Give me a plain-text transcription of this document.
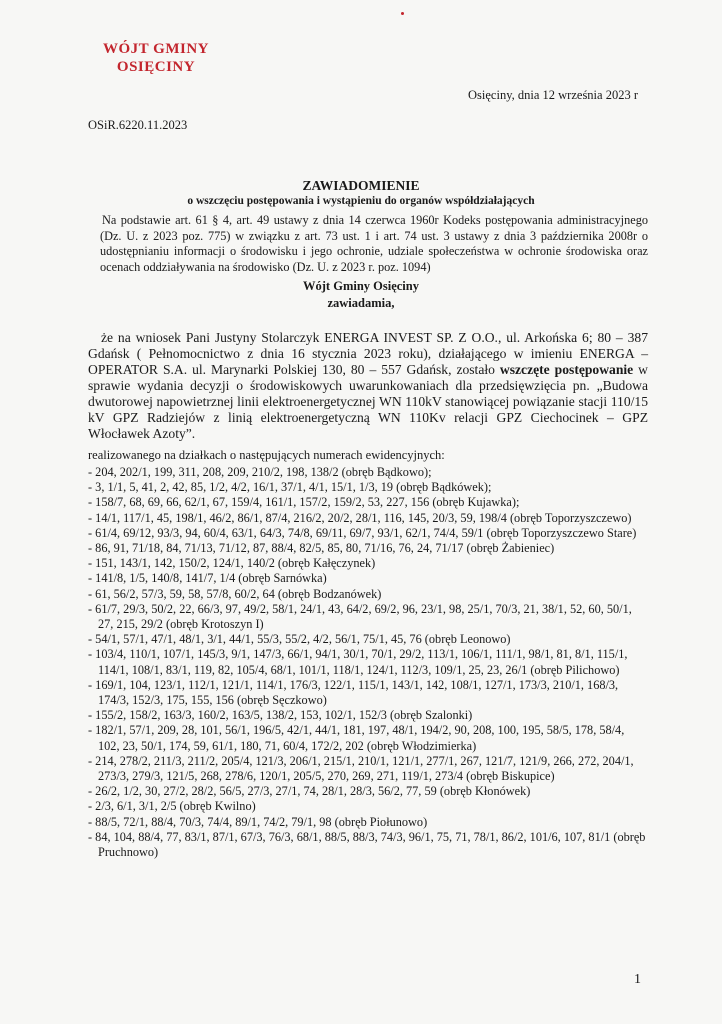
WÓJT GMINY
OSIĘCINY
Osięciny, dnia 12 września 2023 r
OSiR.6220.11.2023
ZAWIADOMIENIE
o wszczęciu postępowania i wystąpieniu do organów współdziałających
Na podstawie art. 61 § 4, art. 49 ustawy z dnia 14 czerwca 1960r Kodeks postępowania administracyjnego (Dz. U. z 2023 poz. 775) w związku z art. 73 ust. 1 i art. 74 ust. 3 ustawy z dnia 3 października 2008r o udostępnianiu informacji o środowisku i jego ochronie, udziale społeczeństwa w ochronie środowiska oraz ocenach oddziaływania na środowisko (Dz. U. z 2023 r. poz. 1094)
Wójt Gminy Osięciny
zawiadamia,
że na wniosek Pani Justyny Stolarczyk ENERGA INVEST SP. Z O.O., ul. Arkońska 6; 80 – 387 Gdańsk ( Pełnomocnictwo z dnia 16 stycznia 2023 roku), działającego w imieniu ENERGA – OPERATOR S.A. ul. Marynarki Polskiej 130, 80 – 557 Gdańsk, zostało wszczęte postępowanie w sprawie wydania decyzji o środowiskowych uwarunkowaniach dla przedsięwzięcia pn. „Budowa dwutorowej napowietrznej linii elektroenergetycznej WN 110kV stanowiącej powiązanie stacji 110/15 kV GPZ Radziejów z linią elektroenergetyczną WN 110Kv relacji GPZ Ciechocinek – GPZ Włocławek Azoty”.
realizowanego na działkach o następujących numerach ewidencyjnych:
- 204, 202/1, 199, 311, 208, 209, 210/2, 198, 138/2 (obręb Bądkowo);
- 3, 1/1, 5, 41, 2, 42, 85, 1/2, 4/2, 16/1, 37/1, 4/1, 15/1, 1/3, 19 (obręb Bądkówek);
- 158/7, 68, 69, 66, 62/1, 67, 159/4, 161/1, 157/2, 159/2, 53, 227, 156 (obręb Kujawka);
- 14/1, 117/1, 45, 198/1, 46/2, 86/1, 87/4, 216/2, 20/2, 28/1, 116, 145, 20/3, 59, 198/4 (obręb Toporzyszczewo)
- 61/4, 69/12, 93/3, 94, 60/4, 63/1, 64/3, 74/8, 69/11, 69/7, 93/1, 62/1, 74/4, 59/1 (obręb Toporzyszczewo Stare)
- 86, 91, 71/18, 84, 71/13, 71/12, 87, 88/4, 82/5, 85, 80, 71/16, 76, 24, 71/17 (obręb Żabieniec)
- 151, 143/1, 142, 150/2, 124/1, 140/2 (obręb Kałęczynek)
- 141/8, 1/5, 140/8, 141/7, 1/4 (obręb Sarnówka)
- 61, 56/2, 57/3, 59, 58, 57/8, 60/2, 64 (obręb Bodzanówek)
- 61/7, 29/3, 50/2, 22, 66/3, 97, 49/2, 58/1, 24/1, 43, 64/2, 69/2, 96, 23/1, 98, 25/1, 70/3, 21, 38/1, 52, 60, 50/1, 27, 215, 29/2 (obręb Krotoszyn I)
- 54/1, 57/1, 47/1, 48/1, 3/1, 44/1, 55/3, 55/2, 4/2, 56/1, 75/1, 45, 76 (obręb Leonowo)
- 103/4, 110/1, 107/1, 145/3, 9/1, 147/3, 66/1, 94/1, 30/1, 70/1, 29/2, 113/1, 106/1, 111/1, 98/1, 81, 8/1, 115/1, 114/1, 108/1, 83/1, 119, 82, 105/4, 68/1, 101/1, 118/1, 124/1, 112/3, 109/1, 25, 23, 26/1 (obręb Pilichowo)
- 169/1, 104, 123/1, 112/1, 121/1, 114/1, 176/3, 122/1, 115/1, 143/1, 142, 108/1, 127/1, 173/3, 210/1, 168/3, 174/3, 152/3, 175, 155, 156 (obręb Sęczkowo)
- 155/2, 158/2, 163/3, 160/2, 163/5, 138/2, 153, 102/1, 152/3 (obręb Szalonki)
- 182/1, 57/1, 209, 28, 101, 56/1, 196/5, 42/1, 44/1, 181, 197, 48/1, 194/2, 90, 208, 100, 195, 58/5, 178, 58/4, 102, 23, 50/1, 174, 59, 61/1, 180, 71, 60/4, 172/2, 202 (obręb Włodzimierka)
- 214, 278/2, 211/3, 211/2, 205/4, 121/3, 206/1, 215/1, 210/1, 121/1, 277/1, 267, 121/7, 121/9, 266, 272, 204/1, 273/3, 279/3, 121/5, 268, 278/6, 120/1, 205/5, 270, 269, 271, 119/1, 273/4 (obręb Biskupice)
- 26/2, 1/2, 30, 27/2, 28/2, 56/5, 27/3, 27/1, 74, 28/1, 28/3, 56/2, 77, 59 (obręb Kłonówek)
- 2/3, 6/1, 3/1, 2/5 (obręb Kwilno)
- 88/5, 72/1, 88/4, 70/3, 74/4, 89/1, 74/2, 79/1, 98 (obręb Piołunowo)
- 84, 104, 88/4, 77, 83/1, 87/1, 67/3, 76/3, 68/1, 88/5, 88/3, 74/3, 96/1, 75, 71, 78/1, 86/2, 101/6, 107, 81/1 (obręb Pruchnowo)
1
